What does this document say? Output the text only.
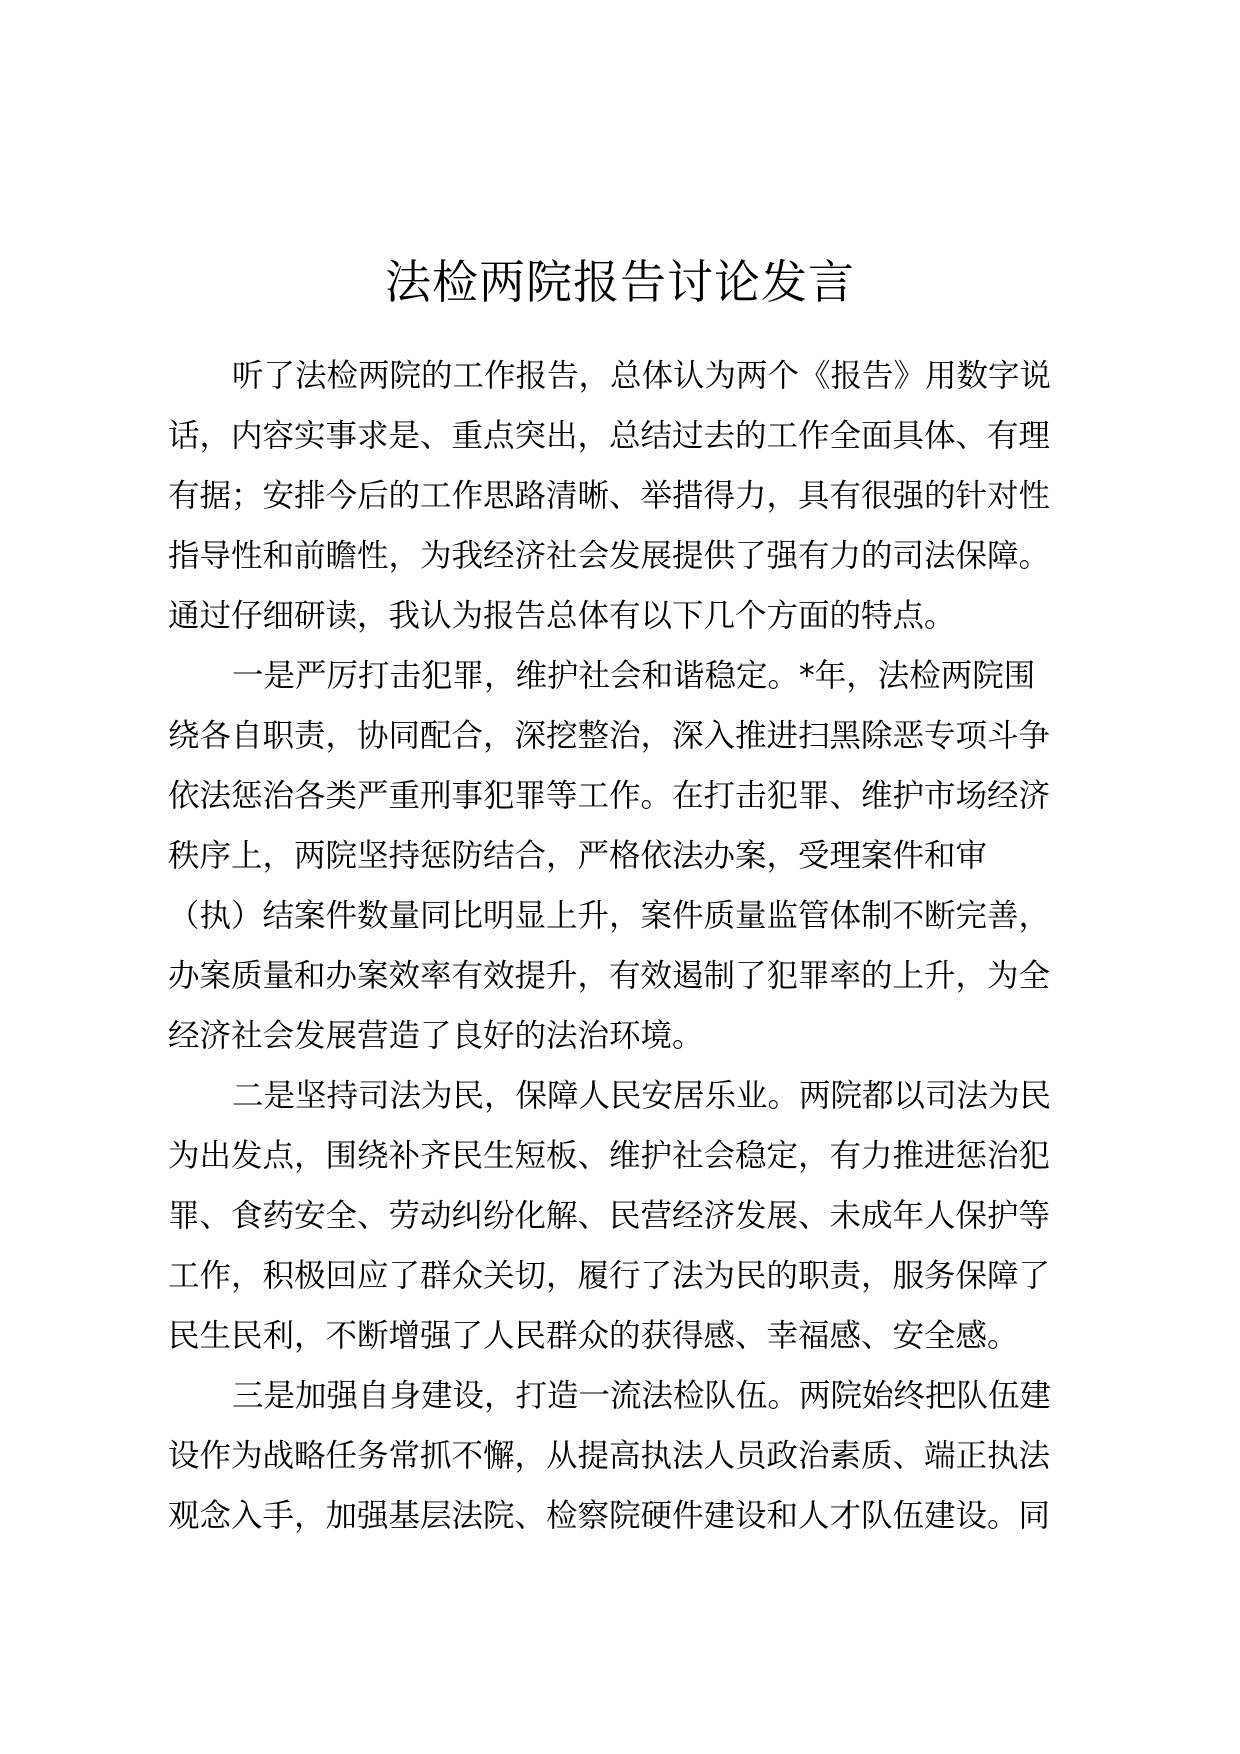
法检两院报告讨论发言
听了法检两院的工作报告，总体认为两个《报告》用数字说
话，内容实事求是、重点突出，总结过去的工作全面具体、有理
有据；安排今后的工作思路清晰、举措得力，具有很强的针对性
指导性和前瞻性，为我经济社会发展提供了强有力的司法保障。
通过仔细研读，我认为报告总体有以下几个方面的特点。
一是严厉打击犯罪，维护社会和谐稳定。*年，法检两院围
绕各自职责，协同配合，深挖整治，深入推进扫黑除恶专项斗争
依法惩治各类严重刑事犯罪等工作。在打击犯罪、维护市场经济
秩序上，两院坚持惩防结合，严格依法办案，受理案件和审
（执）结案件数量同比明显上升，案件质量监管体制不断完善，
办案质量和办案效率有效提升，有效遏制了犯罪率的上升，为全
经济社会发展营造了良好的法治环境。
二是坚持司法为民，保障人民安居乐业。两院都以司法为民
为出发点，围绕补齐民生短板、维护社会稳定，有力推进惩治犯
罪、食药安全、劳动纠纷化解、民营经济发展、未成年人保护等
工作，积极回应了群众关切，履行了法为民的职责，服务保障了
民生民利，不断增强了人民群众的获得感、幸福感、安全感。
三是加强自身建设，打造一流法检队伍。两院始终把队伍建
设作为战略任务常抓不懈，从提高执法人员政治素质、端正执法
观念入手，加强基层法院、检察院硬件建设和人才队伍建设。同
